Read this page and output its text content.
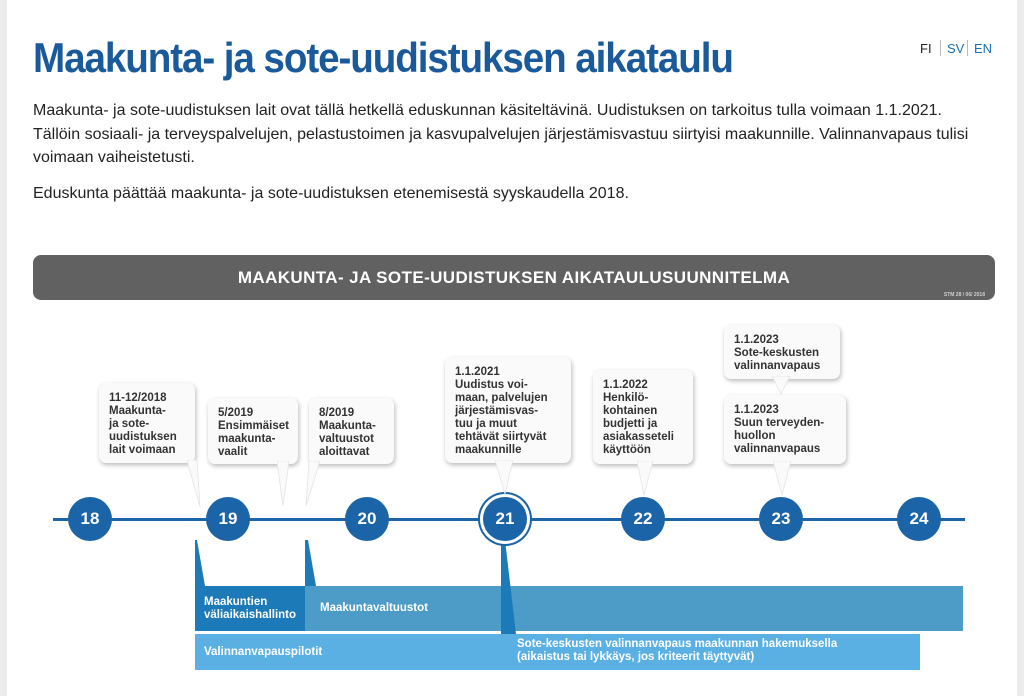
Maakunta- ja sote-uudistuksen aikataulu	FI SV EN

Maakunta- ja sote-uudistuksen lait ovat tällä hetkellä eduskunnan käsiteltävinä. Uudistuksen on tarkoitus tulla voimaan 1.1.2021. Tällöin sosiaali- ja terveyspalvelujen, pelastustoimen ja kasvupalvelujen järjestämisvastuu siirtyisi maakunnille. Valinnanvapaus tulisi voimaan vaiheistetusti.

Eduskunta päättää maakunta- ja sote-uudistuksen etenemisestä syyskaudella 2018.

MAAKUNTA- JA SOTE-UUDISTUKSEN AIKATAULUSUUNNITELMA
STM 28 / 06/ 2018
Maakuntien
väliaikaishallinto
Maakuntavaltuustot
Valinnanvapauspilotit
Sote-keskusten valinnanvapaus maakunnan hakemuksella
(aikaistus tai lykkäys, jos kriteerit täyttyvät)
18	19	20	21	22	23	24
11-12/2018
Maakunta-
ja sote-
uudistuksen
lait voimaan
5/2019
Ensimmäiset
maakunta-
vaalit
8/2019
Maakunta-
valtuustot
aloittavat
1.1.2021
Uudistus voi-
maan, palvelujen
järjestämisvas-
tuu ja muut
tehtävät siirtyvät
maakunnille
1.1.2022
Henkilö-
kohtainen
budjetti ja
asiakasseteli
käyttöön
1.1.2023
Sote-keskusten
valinnanvapaus
1.1.2023
Suun terveyden-
huollon
valinnanvapaus
